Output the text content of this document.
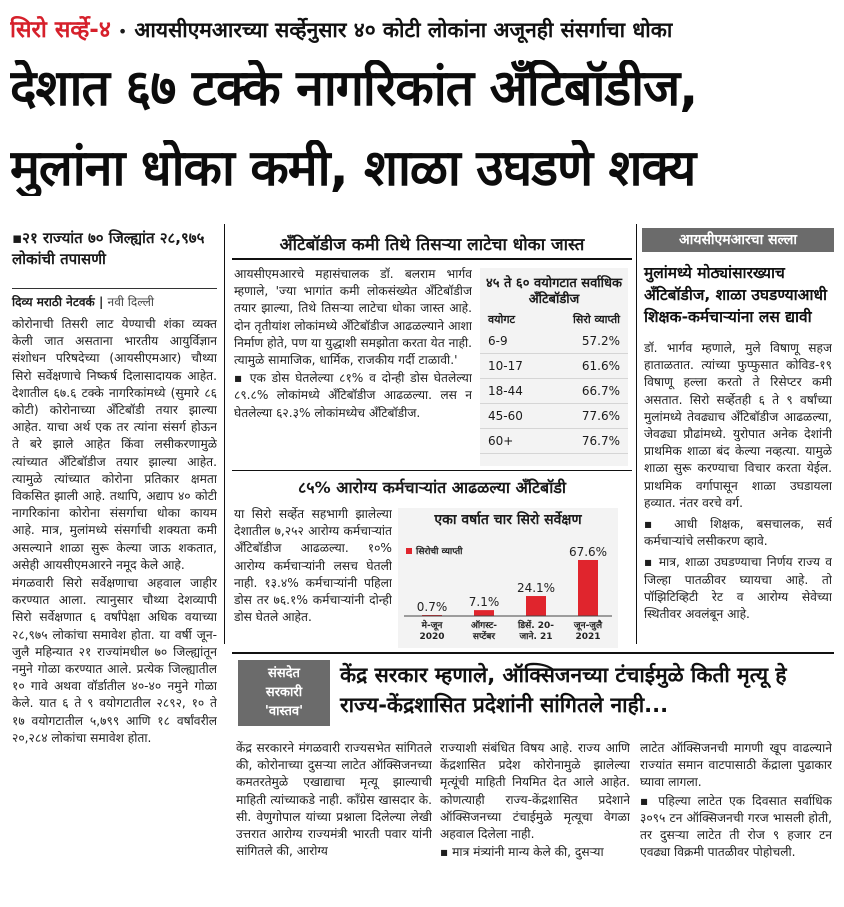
सिरो सर्व्हे-४ • आयसीएमआरच्या सर्व्हेनुसार ४० कोटी लोकांना अजूनही संसर्गाचा धोका
देशात ६७ टक्के नागरिकांत अँटिबॉडीज,
मुलांना धोका कमी, शाळा उघडणे शक्य
▪२१ राज्यांत ७० जिल्ह्यांत २८,९७५ लोकांची तपासणी
दिव्य मराठी नेटवर्क | नवी दिल्ली

कोरोनाची तिसरी लाट येण्याची शंका व्यक्त केली जात असताना भारतीय आयुर्विज्ञान संशोधन परिषदेच्या (आयसीएमआर) चौथ्या सिरो सर्वेक्षणाचे निष्कर्ष दिलासादायक आहेत. देशातील ६७.६ टक्के नागरिकांमध्ये (सुमारे ८६ कोटी) कोरोनाच्या अँटिबॉडी तयार झाल्या आहेत. याचा अर्थ एक तर त्यांना संसर्ग होऊन ते बरे झाले आहेत किंवा लसीकरणामुळे त्यांच्यात अँटिबॉडीज तयार झाल्या आहेत. त्यामुळे त्यांच्यात कोरोना प्रतिकार क्षमता विकसित झाली आहे. तथापि, अद्याप ४० कोटी नागरिकांना कोरोना संसर्गाचा धोका कायम आहे. मात्र, मुलांमध्ये संसर्गाची शक्यता कमी असल्याने शाळा सुरू केल्या जाऊ शकतात, असेही आयसीएमआरने नमूद केले आहे.

मंगळवारी सिरो सर्वेक्षणाचा अहवाल जाहीर करण्यात आला. त्यानुसार चौथ्या देशव्यापी सिरो सर्वेक्षणात ६ वर्षांपेक्षा अधिक वयाच्या २८,९७५ लोकांचा समावेश होता. या वर्षी जून-जुलै महिन्यात २१ राज्यांमधील ७० जिल्ह्यांतून नमुने गोळा करण्यात आले. प्रत्येक जिल्ह्यातील १० गावे अथवा वॉर्डातील ४०-४० नमुने गोळा केले. यात ६ ते ९ वयोगटातील २८९२, १० ते १७ वयोगटातील ५,७९९ आणि १८ वर्षांवरील २०,२८४ लोकांचा समावेश होता.

अँटिबॉडीज कमी तिथे तिसऱ्या लाटेचा धोका जास्त

आयसीएमआरचे महासंचालक डॉ. बलराम भार्गव म्हणाले, 'ज्या भागांत कमी लोकसंख्येत अँटिबॉडीज तयार झाल्या, तिथे तिसऱ्या लाटेचा धोका जास्त आहे. दोन तृतीयांश लोकांमध्ये अँटिबॉडीज आढळल्याने आशा निर्माण होते, पण या युद्धाशी समझोता करता येत नाही. त्यामुळे सामाजिक, धार्मिक, राजकीय गर्दी टाळावी.'

▪ एक डोस घेतलेल्या ८१% व दोन्ही डोस घेतलेल्या ८९.८% लोकांमध्ये अँटिबॉडीज आढळल्या. लस न घेतलेल्या ६२.३% लोकांमध्येच अँटिबॉडीज.

४५ ते ६० वयोगटात सर्वाधिक अँटिबॉडीज
वयोगट	सिरो व्याप्ती
6-9	57.2%
10-17	61.6%
18-44	66.7%
45-60	77.6%
60+	76.7%
८५% आरोग्य कर्मचाऱ्यांत आढळल्या अँटिबॉडी

या सिरो सर्व्हेत सहभागी झालेल्या देशातील ७,२५२ आरोग्य कर्मचाऱ्यांत अँटिबॉडीज आढळल्या. १०% आरोग्य कर्मचाऱ्यांनी लसच घेतली नाही. १३.४% कर्मचाऱ्यांनी पहिला डोस तर ७६.१% कर्मचाऱ्यांनी दोन्ही डोस घेतले आहेत.

एका वर्षात चार सिरो सर्वेक्षण
सिरोची व्याप्ती
0.7%
मे-जून
2020
7.1%
ऑगस्ट-
सप्टेंबर
24.1%
डिसें. 20-
जाने. 21
67.6%
जून-जुलै
2021
आयसीएमआरचा सल्ला
मुलांमध्ये मोठ्यांसारख्याच अँटिबॉडीज, शाळा उघडण्याआधी शिक्षक-कर्मचाऱ्यांना लस द्यावी

डॉ. भार्गव म्हणाले, मुले विषाणू सहज हाताळतात. त्यांच्या फुप्फुसात कोविड-१९ विषाणू हल्ला करतो ते रिसेप्टर कमी असतात. सिरो सर्व्हेतही ६ ते ९ वर्षांच्या मुलांमध्ये तेवढ्याच अँटिबॉडीज आढळल्या, जेवढ्या प्रौढांमध्ये. युरोपात अनेक देशांनी प्राथमिक शाळा बंद केल्या नव्हत्या. यामुळे शाळा सुरू करण्याचा विचार करता येईल. प्राथमिक वर्गापासून शाळा उघडायला हव्यात. नंतर वरचे वर्ग.

▪ आधी शिक्षक, बसचालक, सर्व कर्मचाऱ्यांचे लसीकरण व्हावे.

▪ मात्र, शाळा उघडण्याचा निर्णय राज्य व जिल्हा पातळीवर घ्यायचा आहे. तो पॉझिटिव्हिटी रेट व आरोग्य सेवेच्या स्थितीवर अवलंबून आहे.

संसदेत
सरकारी
'वास्तव'
केंद्र सरकार म्हणाले, ऑक्सिजनच्या टंचाईमुळे किती मृत्यू हे राज्य-केंद्रशासित प्रदेशांनी सांगितले नाही...

केंद्र सरकारने मंगळवारी राज्यसभेत सांगितले की, कोरोनाच्या दुसऱ्या लाटेत ऑक्सिजनच्या कमतरतेमुळे एखाद्याचा मृत्यू झाल्याची माहिती त्यांच्याकडे नाही. काँग्रेस खासदार के. सी. वेणुगोपाल यांच्या प्रश्नाला दिलेल्या लेखी उत्तरात आरोग्य राज्यमंत्री भारती पवार यांनी सांगितले की, आरोग्य

राज्याशी संबंधित विषय आहे. राज्य आणि केंद्रशासित प्रदेश कोरोनामुळे झालेल्या मृत्यूंची माहिती नियमित देत आले आहेत. कोणत्याही राज्य-केंद्रशासित प्रदेशाने ऑक्सिजनच्या टंचाईमुळे मृत्यूचा वेगळा अहवाल दिलेला नाही.

▪ मात्र मंत्र्यांनी मान्य केले की, दुसऱ्या

लाटेत ऑक्सिजनची मागणी खूप वाढल्याने राज्यांत समान वाटपासाठी केंद्राला पुढाकार घ्यावा लागला.

▪ पहिल्या लाटेत एक दिवसात सर्वाधिक ३०९५ टन ऑक्सिजनची गरज भासली होती, तर दुसऱ्या लाटेत ती रोज ९ हजार टन एवढ्या विक्रमी पातळीवर पोहोचली.
